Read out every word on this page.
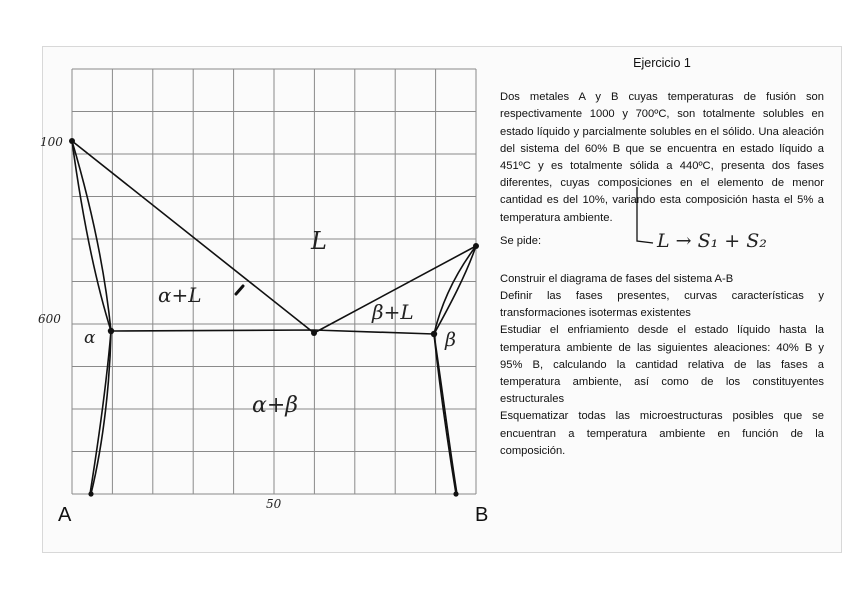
100
600
50
L
α+L
β+L
α	β
α+β
A	B
Ejercicio 1

Dos metales A y B cuyas temperaturas de fusión son respectivamente 1000 y 700ºC, son totalmente solubles en estado líquido y parcialmente solubles en el sólido. Una aleación del sistema del 60% B que se encuentra en estado líquido a 451ºC y es totalmente sólida a 440ºC, presenta dos fases diferentes, cuyas composiciones en el elemento de menor cantidad es del 10%, variando esta composición hasta el 5% a temperatura ambiente.

Se pide:	L → S₁ + S₂

Construir el diagrama de fases del sistema A-B

Definir las fases presentes, curvas características y transformaciones isotermas existentes

Estudiar el enfriamiento desde el estado líquido hasta la temperatura ambiente de las siguientes aleaciones: 40% B y 95% B, calculando la cantidad relativa de las fases a temperatura ambiente, así como de los constituyentes estructurales

Esquematizar todas las microestructuras posibles que se encuentran a temperatura ambiente en función de la composición.
